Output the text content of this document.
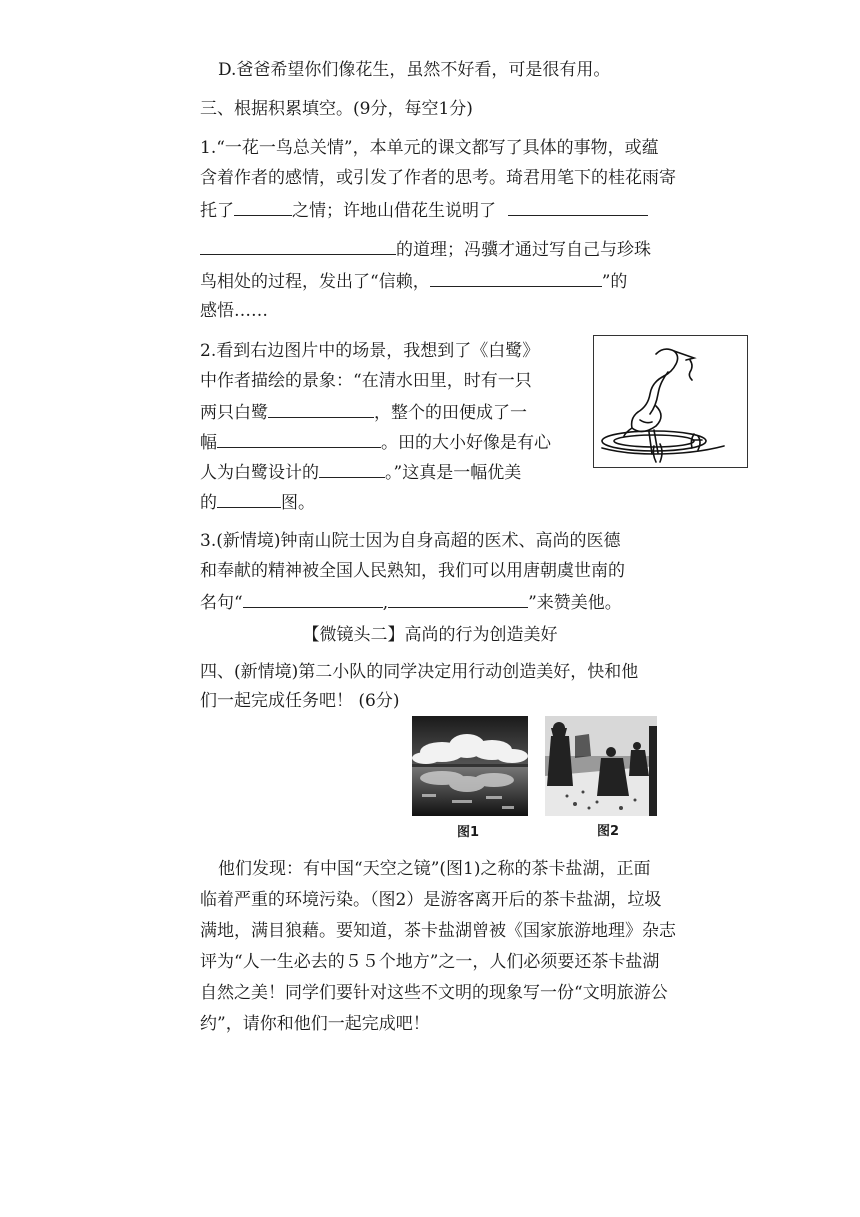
D.爸爸希望你们像花生，虽然不好看，可是很有用。
三、根据积累填空。(9分，每空1分)
1.“一花一鸟总关情”，本单元的课文都写了具体的事物，或蕴
含着作者的感情，或引发了作者的思考。琦君用笔下的桂花雨寄
托了	之情；许地山借花生说明了
的道理；冯骥才通过写自己与珍珠
鸟相处的过程，发出了“信赖，	”的
感悟……
2.看到右边图片中的场景，我想到了《白鹭》
中作者描绘的景象：“在清水田里，时有一只
两只白鹭	，整个的田便成了一
幅	。田的大小好像是有心
人为白鹭设计的	。”这真是一幅优美
的	图。
3.(新情境)钟南山院士因为自身高超的医术、高尚的医德
和奉献的精神被全国人民熟知，我们可以用唐朝虞世南的
名句“	,	”来赞美他。
【微镜头二】高尚的行为创造美好
四、(新情境)第二小队的同学决定用行动创造美好，快和他
们一起完成任务吧！ (6分)
图1	图2
他们发现：有中国“天空之镜”(图1)之称的茶卡盐湖，正面
临着严重的环境污染。（图2）是游客离开后的茶卡盐湖，垃圾
满地，满目狼藉。要知道，茶卡盐湖曾被《国家旅游地理》杂志
评为“人一生必去的５５个地方”之一，人们必须要还茶卡盐湖
自然之美！同学们要针对这些不文明的现象写一份“文明旅游公
约”，请你和他们一起完成吧！
